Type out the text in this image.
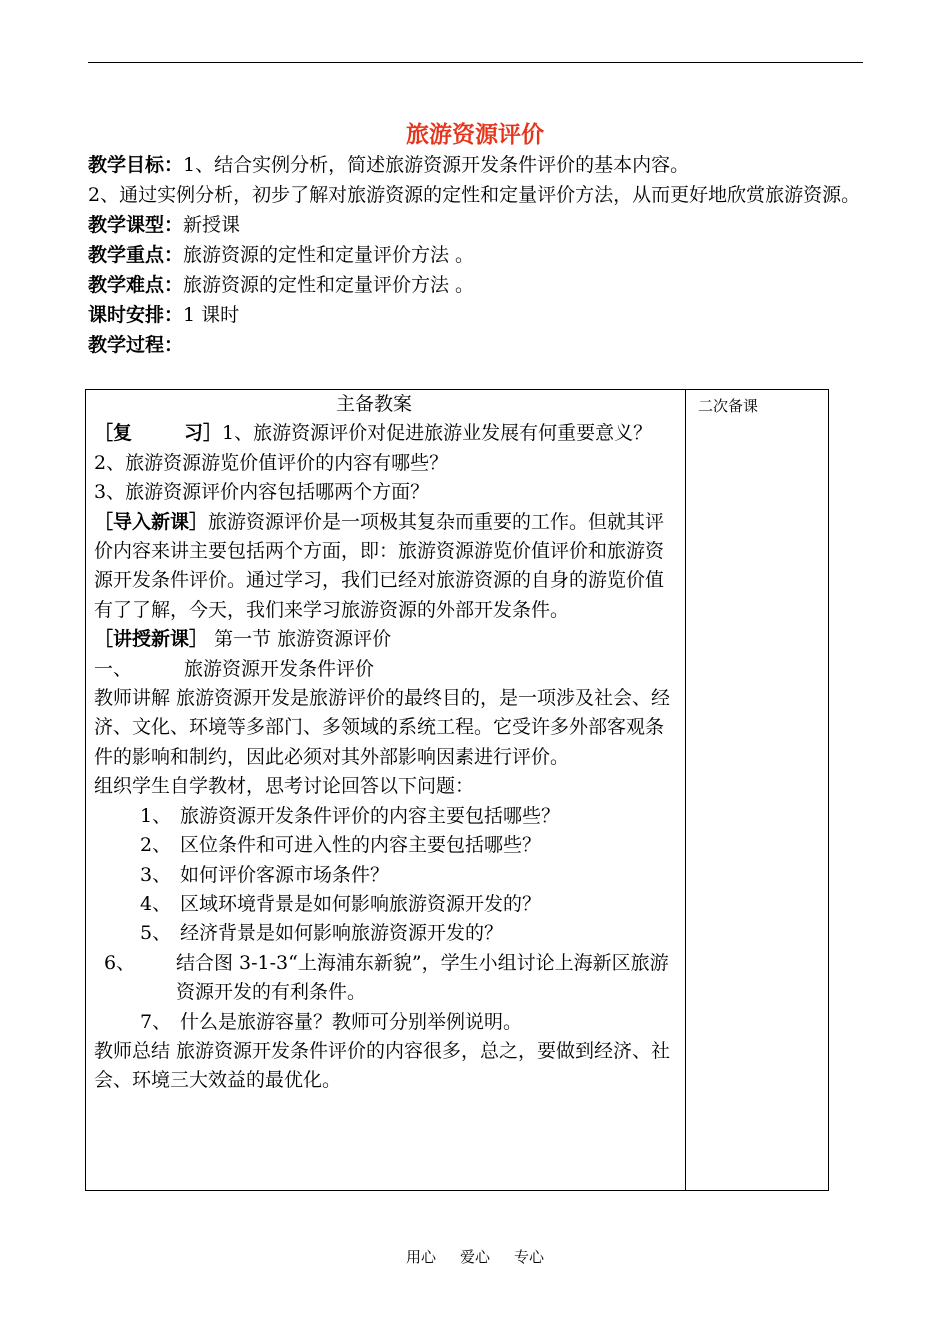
旅游资源评价
教学目标：1、结合实例分析，简述旅游资源开发条件评价的基本内容。
2、通过实例分析，初步了解对旅游资源的定性和定量评价方法，从而更好地欣赏旅游资源。
教学课型：新授课
教学重点：旅游资源的定性和定量评价方法 。
教学难点：旅游资源的定性和定量评价方法 。
课时安排：1 课时
教学过程：
主备教案
［复	习］1、旅游资源评价对促进旅游业发展有何重要意义？
2、旅游资源游览价值评价的内容有哪些？
3、旅游资源评价内容包括哪两个方面？
［导入新课］旅游资源评价是一项极其复杂而重要的工作。但就其评价内容来讲主要包括两个方面，即：旅游资源游览价值评价和旅游资源开发条件评价。通过学习，我们已经对旅游资源的自身的游览价值有了了解，今天，我们来学习旅游资源的外部开发条件。
［讲授新课］ 第一节 旅游资源评价
一、	旅游资源开发条件评价
教师讲解 旅游资源开发是旅游评价的最终目的，是一项涉及社会、经济、文化、环境等多部门、多领域的系统工程。它受许多外部客观条件的影响和制约，因此必须对其外部影响因素进行评价。
组织学生自学教材，思考讨论回答以下问题：
1、 旅游资源开发条件评价的内容主要包括哪些？
2、 区位条件和可进入性的内容主要包括哪些？
3、 如何评价客源市场条件？
4、 区域环境背景是如何影响旅游资源开发的？
5、 经济背景是如何影响旅游资源开发的？
6、 结合图 3-1-3“上海浦东新貌”，学生小组讨论上海新区旅游资源开发的有利条件。
7、 什么是旅游容量？教师可分别举例说明。
教师总结 旅游资源开发条件评价的内容很多，总之，要做到经济、社会、环境三大效益的最优化。
二次备课
用心 爱心 专心
